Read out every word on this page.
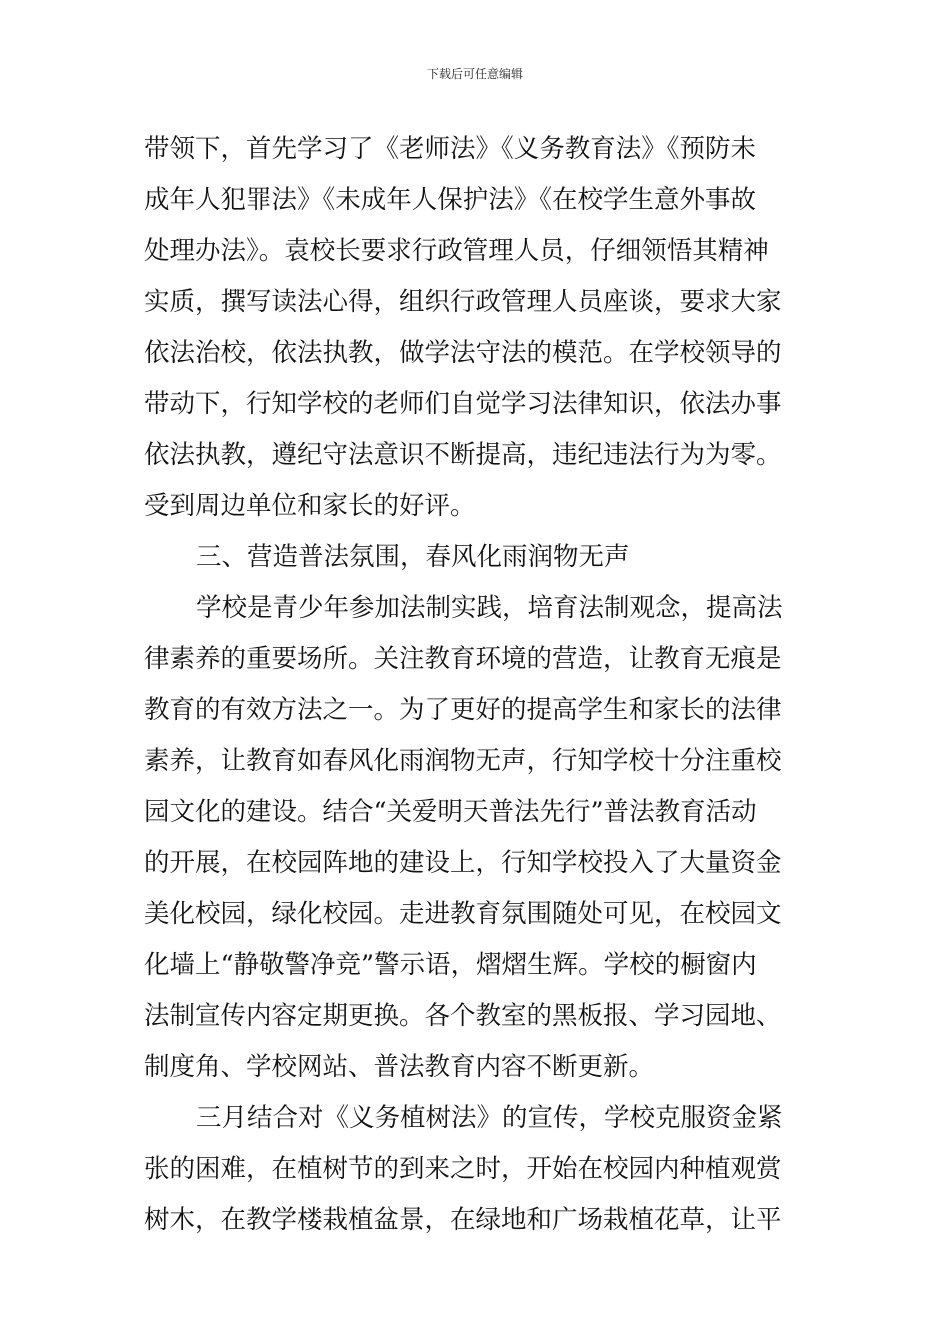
下载后可任意编辑
带领下，首先学习了《老师法》《义务教育法》《预防未
成年人犯罪法》《未成年人保护法》《在校学生意外事故
处理办法》。袁校长要求行政管理人员，仔细领悟其精神
实质，撰写读法心得，组织行政管理人员座谈，要求大家
依法治校，依法执教，做学法守法的模范。在学校领导的
带动下，行知学校的老师们自觉学习法律知识，依法办事
依法执教，遵纪守法意识不断提高，违纪违法行为为零。
受到周边单位和家长的好评。
三、营造普法氛围，春风化雨润物无声
学校是青少年参加法制实践，培育法制观念，提高法
律素养的重要场所。关注教育环境的营造，让教育无痕是
教育的有效方法之一。为了更好的提高学生和家长的法律
素养，让教育如春风化雨润物无声，行知学校十分注重校
园文化的建设。结合“关爱明天普法先行”普法教育活动
的开展，在校园阵地的建设上，行知学校投入了大量资金
美化校园，绿化校园。走进教育氛围随处可见，在校园文
化墙上“静敬警净竞”警示语，熠熠生辉。学校的橱窗内
法制宣传内容定期更换。各个教室的黑板报、学习园地、
制度角、学校网站、普法教育内容不断更新。
三月结合对《义务植树法》的宣传，学校克服资金紧
张的困难，在植树节的到来之时，开始在校园内种植观赏
树木，在教学楼栽植盆景，在绿地和广场栽植花草，让平
